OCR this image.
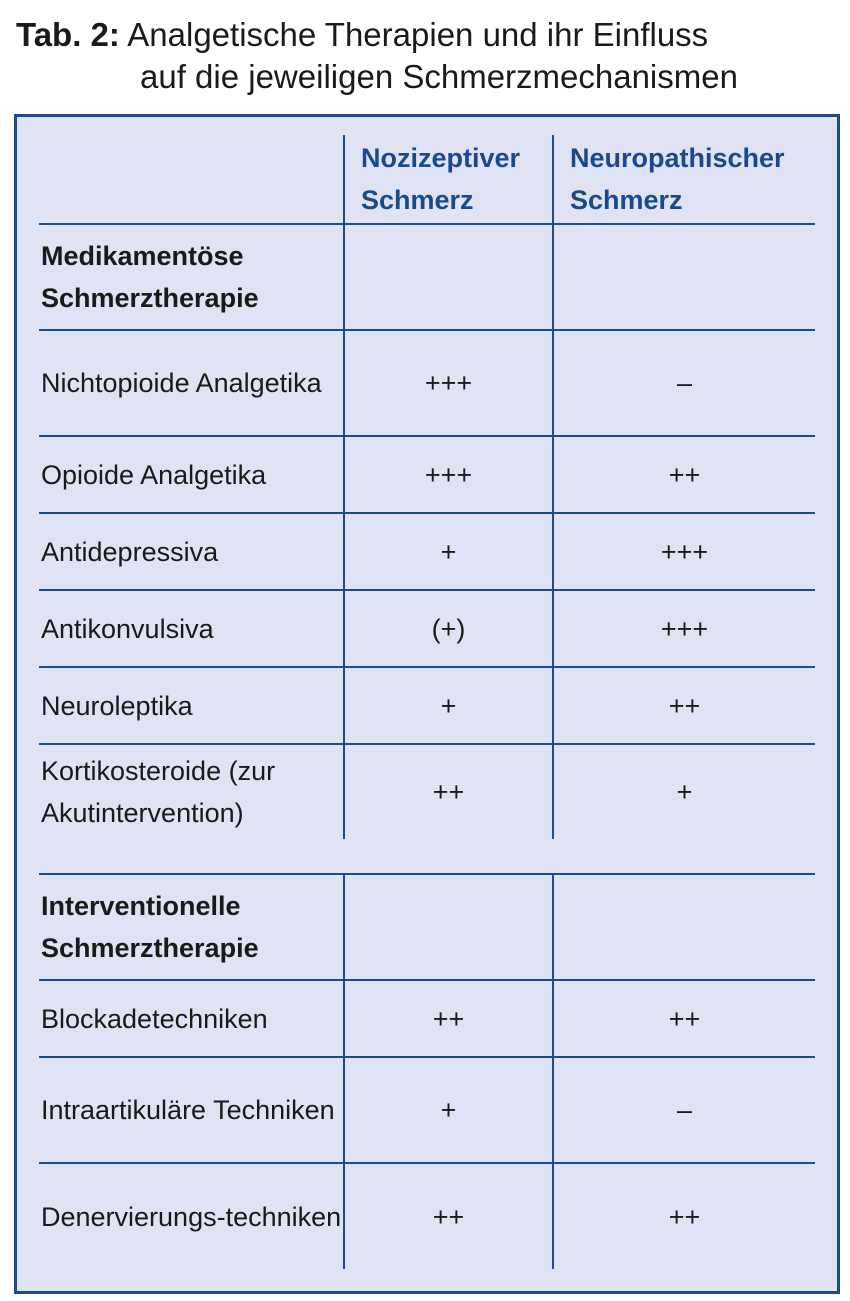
Tab. 2: Analgetische Therapien und ihr Einfluss
auf die jeweiligen Schmerzmechanismen
	Nozizeptiver Schmerz	Neuropathischer Schmerz
Medikamentöse Schmerztherapie		
Nichtopioide Analgetika	+++	–
Opioide Analgetika	+++	++
Antidepressiva	+	+++
Antikonvulsiva	(+)	+++
Neuroleptika	+	++
Kortikosteroide (zur Akutintervention)	++	+

Interventionelle Schmerztherapie		
Blockadetechniken	++	++
Intraartikuläre Techniken	+	–
Denervierungs-techniken	++	++
